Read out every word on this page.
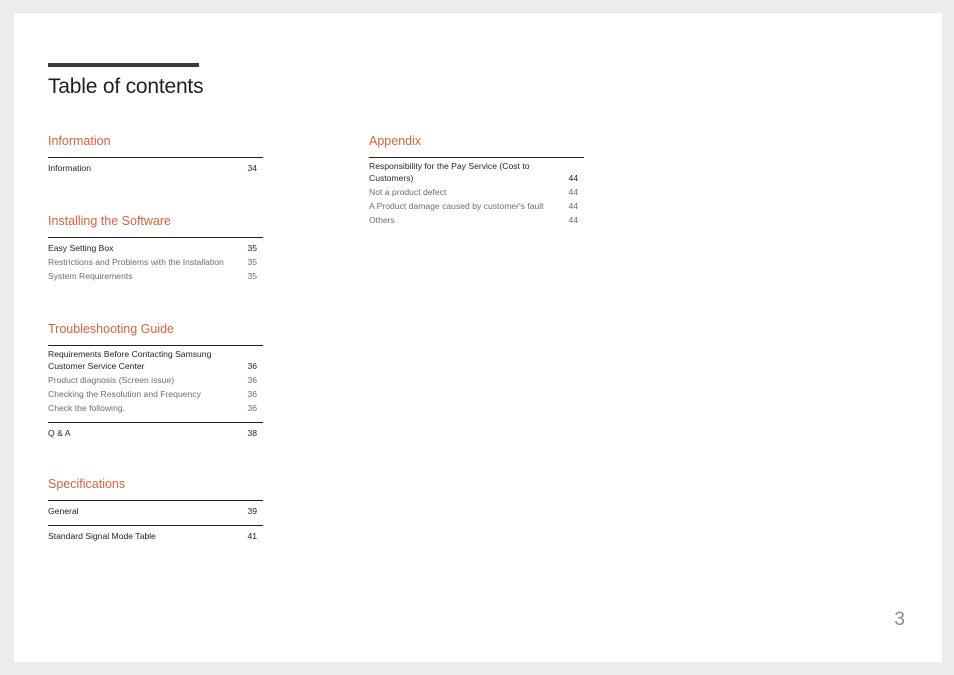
Table of contents
Information
Information	34
Installing the Software
Easy Setting Box	35
Restrictions and Problems with the Installation	35
System Requirements	35
Troubleshooting Guide
Requirements Before Contacting Samsung Customer Service Center	36
Product diagnosis (Screen issue)	36
Checking the Resolution and Frequency	36
Check the following.	36
Q & A	38
Specifications
General	39
Standard Signal Mode Table	41
Appendix
Responsibility for the Pay Service (Cost to Customers)	44
Not a product defect	44
A Product damage caused by customer's fault	44
Others	44
3
